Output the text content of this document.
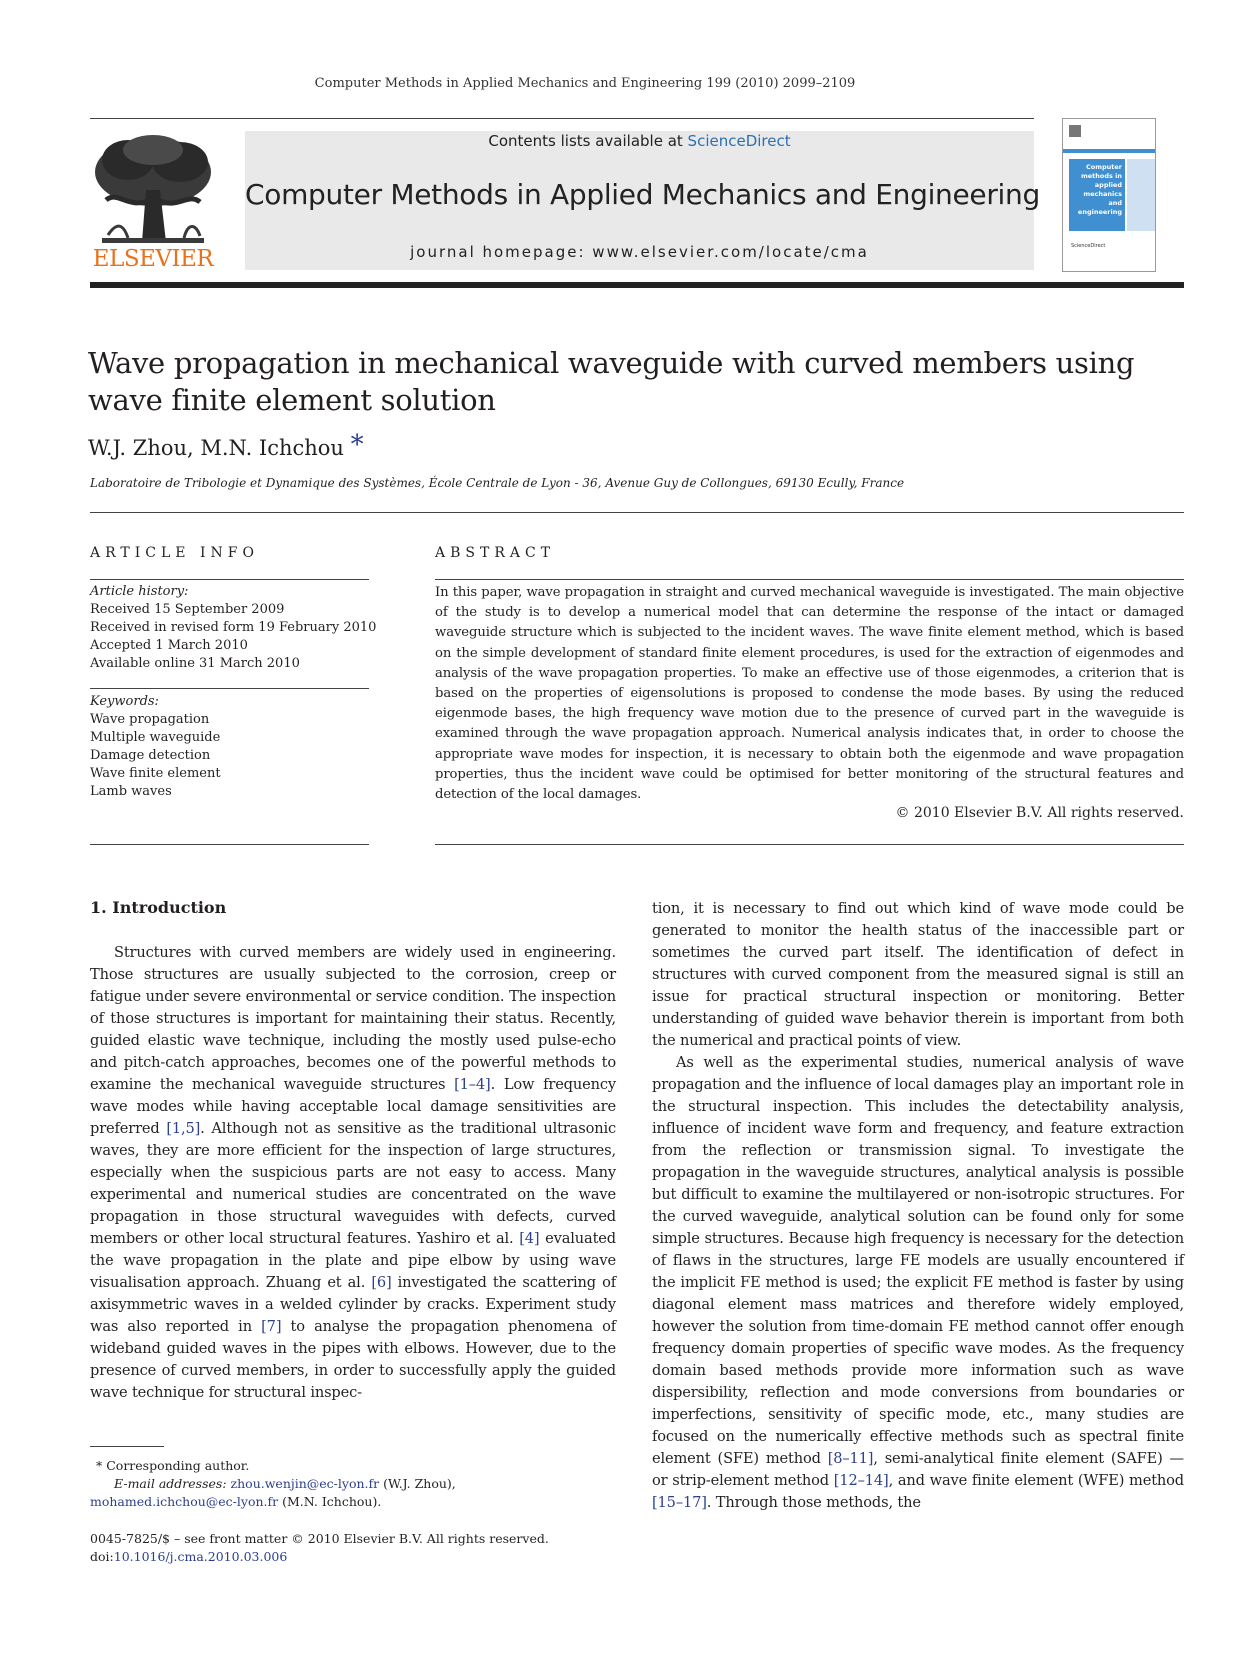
Computer Methods in Applied Mechanics and Engineering 199 (2010) 2099–2109
ELSEVIER
Contents lists available at ScienceDirect
Computer Methods in Applied Mechanics and Engineering
journal homepage: www.elsevier.com/locate/cma
Computer
methods in
applied
mechanics
and
engineering
ScienceDirect
Wave propagation in mechanical waveguide with curved members using wave finite element solution
W.J. Zhou, M.N. Ichchou *
Laboratoire de Tribologie et Dynamique des Systèmes, École Centrale de Lyon - 36, Avenue Guy de Collongues, 69130 Ecully, France
ARTICLE INFO	ABSTRACT
Article history:
Received 15 September 2009
Received in revised form 19 February 2010
Accepted 1 March 2010
Available online 31 March 2010
Keywords:
Wave propagation
Multiple waveguide
Damage detection
Wave finite element
Lamb waves
In this paper, wave propagation in straight and curved mechanical waveguide is investigated. The main objective of the study is to develop a numerical model that can determine the response of the intact or damaged waveguide structure which is subjected to the incident waves. The wave finite element method, which is based on the simple development of standard finite element procedures, is used for the extraction of eigenmodes and analysis of the wave propagation properties. To make an effective use of those eigenmodes, a criterion that is based on the properties of eigensolutions is proposed to condense the mode bases. By using the reduced eigenmode bases, the high frequency wave motion due to the presence of curved part in the waveguide is examined through the wave propagation approach. Numerical analysis indicates that, in order to choose the appropriate wave modes for inspection, it is necessary to obtain both the eigenmode and wave propagation properties, thus the incident wave could be optimised for better monitoring of the structural features and detection of the local damages.
© 2010 Elsevier B.V. All rights reserved.
1. Introduction

Structures with curved members are widely used in engineering. Those structures are usually subjected to the corrosion, creep or fatigue under severe environmental or service condition. The inspection of those structures is important for maintaining their status. Recently, guided elastic wave technique, including the mostly used pulse-echo and pitch-catch approaches, becomes one of the powerful methods to examine the mechanical waveguide structures [1–4]. Low frequency wave modes while having acceptable local damage sensitivities are preferred [1,5]. Although not as sensitive as the traditional ultrasonic waves, they are more efficient for the inspection of large structures, especially when the suspicious parts are not easy to access. Many experimental and numerical studies are concentrated on the wave propagation in those structural waveguides with defects, curved members or other local structural features. Yashiro et al. [4] evaluated the wave propagation in the plate and pipe elbow by using wave visualisation approach. Zhuang et al. [6] investigated the scattering of axisymmetric waves in a welded cylinder by cracks. Experiment study was also reported in [7] to analyse the propagation phenomena of wideband guided waves in the pipes with elbows. However, due to the presence of curved members, in order to successfully apply the guided wave technique for structural inspec-

tion, it is necessary to find out which kind of wave mode could be generated to monitor the health status of the inaccessible part or sometimes the curved part itself. The identification of defect in structures with curved component from the measured signal is still an issue for practical structural inspection or monitoring. Better understanding of guided wave behavior therein is important from both the numerical and practical points of view.

As well as the experimental studies, numerical analysis of wave propagation and the influence of local damages play an important role in the structural inspection. This includes the detectability analysis, influence of incident wave form and frequency, and feature extraction from the reflection or transmission signal. To investigate the propagation in the waveguide structures, analytical analysis is possible but difficult to examine the multilayered or non-isotropic structures. For the curved waveguide, analytical solution can be found only for some simple structures. Because high frequency is necessary for the detection of flaws in the structures, large FE models are usually encountered if the implicit FE method is used; the explicit FE method is faster by using diagonal element mass matrices and therefore widely employed, however the solution from time-domain FE method cannot offer enough frequency domain properties of specific wave modes. As the frequency domain based methods provide more information such as wave dispersibility, reflection and mode conversions from boundaries or imperfections, sensitivity of specific mode, etc., many studies are focused on the numerically effective methods such as spectral finite element (SFE) method [8–11], semi-analytical finite element (SAFE) — or strip-element method [12–14], and wave finite element (WFE) method [15–17]. Through those methods, the

* Corresponding author.
E-mail addresses: zhou.wenjin@ec-lyon.fr (W.J. Zhou),
mohamed.ichchou@ec-lyon.fr (M.N. Ichchou).
0045-7825/$ – see front matter © 2010 Elsevier B.V. All rights reserved.
doi:10.1016/j.cma.2010.03.006
